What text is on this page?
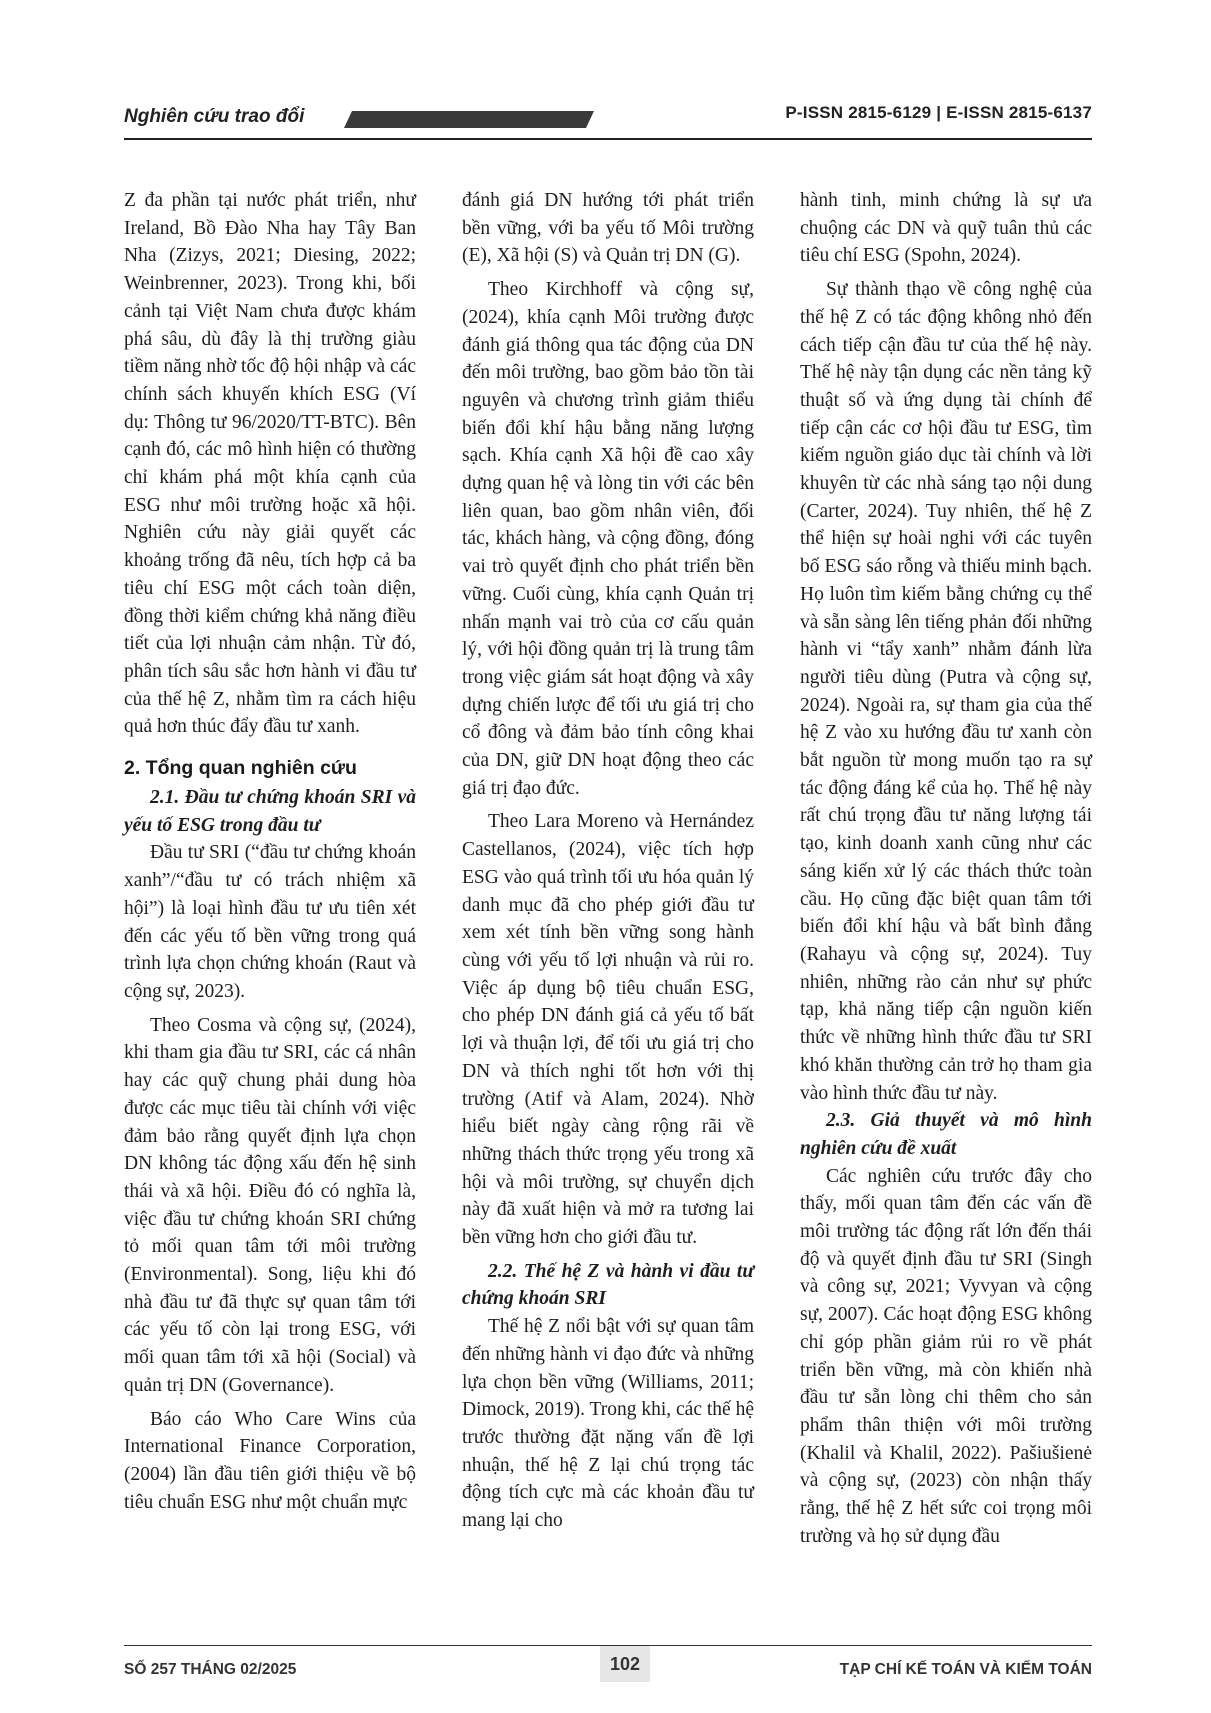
Nghiên cứu trao đổi	P-ISSN 2815-6129 | E-ISSN 2815-6137

Z đa phần tại nước phát triển, như Ireland, Bồ Đào Nha hay Tây Ban Nha (Zizys, 2021; Diesing, 2022; Weinbrenner, 2023). Trong khi, bối cảnh tại Việt Nam chưa được khám phá sâu, dù đây là thị trường giàu tiềm năng nhờ tốc độ hội nhập và các chính sách khuyến khích ESG (Ví dụ: Thông tư 96/2020/TT-BTC). Bên cạnh đó, các mô hình hiện có thường chỉ khám phá một khía cạnh của ESG như môi trường hoặc xã hội. Nghiên cứu này giải quyết các khoảng trống đã nêu, tích hợp cả ba tiêu chí ESG một cách toàn diện, đồng thời kiểm chứng khả năng điều tiết của lợi nhuận cảm nhận. Từ đó, phân tích sâu sắc hơn hành vi đầu tư của thế hệ Z, nhằm tìm ra cách hiệu quả hơn thúc đẩy đầu tư xanh.

2. Tổng quan nghiên cứu
2.1. Đầu tư chứng khoán SRI và yếu tố ESG trong đầu tư

Đầu tư SRI (“đầu tư chứng khoán xanh”/“đầu tư có trách nhiệm xã hội”) là loại hình đầu tư ưu tiên xét đến các yếu tố bền vững trong quá trình lựa chọn chứng khoán (Raut và cộng sự, 2023).

Theo Cosma và cộng sự, (2024), khi tham gia đầu tư SRI, các cá nhân hay các quỹ chung phải dung hòa được các mục tiêu tài chính với việc đảm bảo rằng quyết định lựa chọn DN không tác động xấu đến hệ sinh thái và xã hội. Điều đó có nghĩa là, việc đầu tư chứng khoán SRI chứng tỏ mối quan tâm tới môi trường (Environmental). Song, liệu khi đó nhà đầu tư đã thực sự quan tâm tới các yếu tố còn lại trong ESG, với mối quan tâm tới xã hội (Social) và quản trị DN (Governance).

Báo cáo Who Care Wins của International Finance Corporation, (2004) lần đầu tiên giới thiệu về bộ tiêu chuẩn ESG như một chuẩn mực

đánh giá DN hướng tới phát triển bền vững, với ba yếu tố Môi trường (E), Xã hội (S) và Quản trị DN (G).

Theo Kirchhoff và cộng sự, (2024), khía cạnh Môi trường được đánh giá thông qua tác động của DN đến môi trường, bao gồm bảo tồn tài nguyên và chương trình giảm thiểu biến đổi khí hậu bằng năng lượng sạch. Khía cạnh Xã hội đề cao xây dựng quan hệ và lòng tin với các bên liên quan, bao gồm nhân viên, đối tác, khách hàng, và cộng đồng, đóng vai trò quyết định cho phát triển bền vững. Cuối cùng, khía cạnh Quản trị nhấn mạnh vai trò của cơ cấu quản lý, với hội đồng quản trị là trung tâm trong việc giám sát hoạt động và xây dựng chiến lược để tối ưu giá trị cho cổ đông và đảm bảo tính công khai của DN, giữ DN hoạt động theo các giá trị đạo đức.

Theo Lara Moreno và Hernández Castellanos, (2024), việc tích hợp ESG vào quá trình tối ưu hóa quản lý danh mục đã cho phép giới đầu tư xem xét tính bền vững song hành cùng với yếu tố lợi nhuận và rủi ro. Việc áp dụng bộ tiêu chuẩn ESG, cho phép DN đánh giá cả yếu tố bất lợi và thuận lợi, để tối ưu giá trị cho DN và thích nghi tốt hơn với thị trường (Atif và Alam, 2024). Nhờ hiểu biết ngày càng rộng rãi về những thách thức trọng yếu trong xã hội và môi trường, sự chuyển dịch này đã xuất hiện và mở ra tương lai bền vững hơn cho giới đầu tư.

2.2. Thế hệ Z và hành vi đầu tư chứng khoán SRI

Thế hệ Z nổi bật với sự quan tâm đến những hành vi đạo đức và những lựa chọn bền vững (Williams, 2011; Dimock, 2019). Trong khi, các thế hệ trước thường đặt nặng vấn đề lợi nhuận, thế hệ Z lại chú trọng tác động tích cực mà các khoản đầu tư mang lại cho

hành tinh, minh chứng là sự ưa chuộng các DN và quỹ tuân thủ các tiêu chí ESG (Spohn, 2024).

Sự thành thạo về công nghệ của thế hệ Z có tác động không nhỏ đến cách tiếp cận đầu tư của thế hệ này. Thế hệ này tận dụng các nền tảng kỹ thuật số và ứng dụng tài chính để tiếp cận các cơ hội đầu tư ESG, tìm kiếm nguồn giáo dục tài chính và lời khuyên từ các nhà sáng tạo nội dung (Carter, 2024). Tuy nhiên, thế hệ Z thể hiện sự hoài nghi với các tuyên bố ESG sáo rỗng và thiếu minh bạch. Họ luôn tìm kiếm bằng chứng cụ thể và sẵn sàng lên tiếng phản đối những hành vi “tẩy xanh” nhằm đánh lừa người tiêu dùng (Putra và cộng sự, 2024). Ngoài ra, sự tham gia của thế hệ Z vào xu hướng đầu tư xanh còn bắt nguồn từ mong muốn tạo ra sự tác động đáng kể của họ. Thế hệ này rất chú trọng đầu tư năng lượng tái tạo, kinh doanh xanh cũng như các sáng kiến xử lý các thách thức toàn cầu. Họ cũng đặc biệt quan tâm tới biến đổi khí hậu và bất bình đẳng (Rahayu và cộng sự, 2024). Tuy nhiên, những rào cản như sự phức tạp, khả năng tiếp cận nguồn kiến thức về những hình thức đầu tư SRI khó khăn thường cản trở họ tham gia vào hình thức đầu tư này.

2.3. Giả thuyết và mô hình nghiên cứu đề xuất

Các nghiên cứu trước đây cho thấy, mối quan tâm đến các vấn đề môi trường tác động rất lớn đến thái độ và quyết định đầu tư SRI (Singh và công sự, 2021; Vyvyan và cộng sự, 2007). Các hoạt động ESG không chỉ góp phần giảm rủi ro về phát triển bền vững, mà còn khiến nhà đầu tư sẵn lòng chi thêm cho sản phẩm thân thiện với môi trường (Khalil và Khalil, 2022). Pašiušienė và cộng sự, (2023) còn nhận thấy rằng, thế hệ Z hết sức coi trọng môi trường và họ sử dụng đầu

SỐ 257 THÁNG 02/2025	102	TẠP CHÍ KẾ TOÁN VÀ KIỂM TOÁN
